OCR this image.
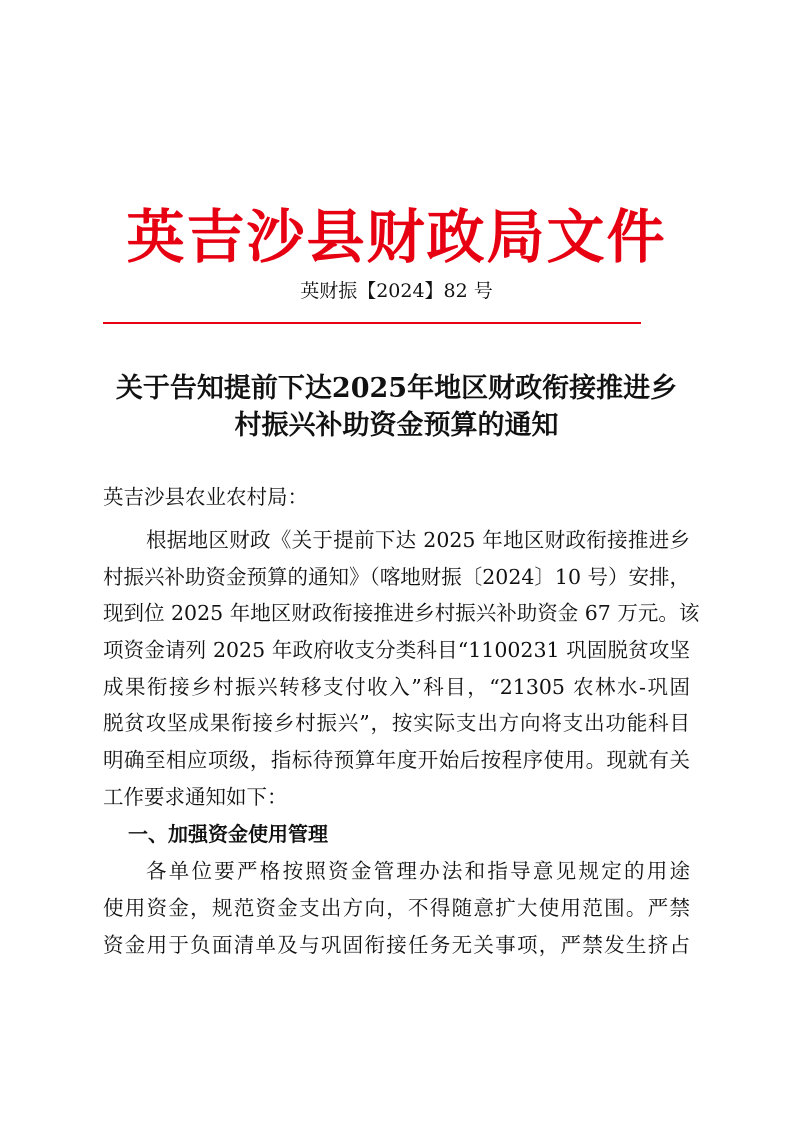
英吉沙县财政局文件
英财振【2024】82 号
关于告知提前下达2025年地区财政衔接推进乡
村振兴补助资金预算的通知
英吉沙县农业农村局：
根据地区财政《关于提前下达 2025 年地区财政衔接推进乡
村振兴补助资金预算的通知》（喀地财振〔2024〕10 号）安排，
现到位 2025 年地区财政衔接推进乡村振兴补助资金 67 万元。该
项资金请列 2025 年政府收支分类科目“1100231 巩固脱贫攻坚
成果衔接乡村振兴转移支付收入”科目，“21305 农林水-巩固
脱贫攻坚成果衔接乡村振兴”，按实际支出方向将支出功能科目
明确至相应项级，指标待预算年度开始后按程序使用。现就有关
工作要求通知如下：
一、加强资金使用管理
各单位要严格按照资金管理办法和指导意见规定的用途
使用资金，规范资金支出方向，不得随意扩大使用范围。严禁
资金用于负面清单及与巩固衔接任务无关事项，严禁发生挤占
